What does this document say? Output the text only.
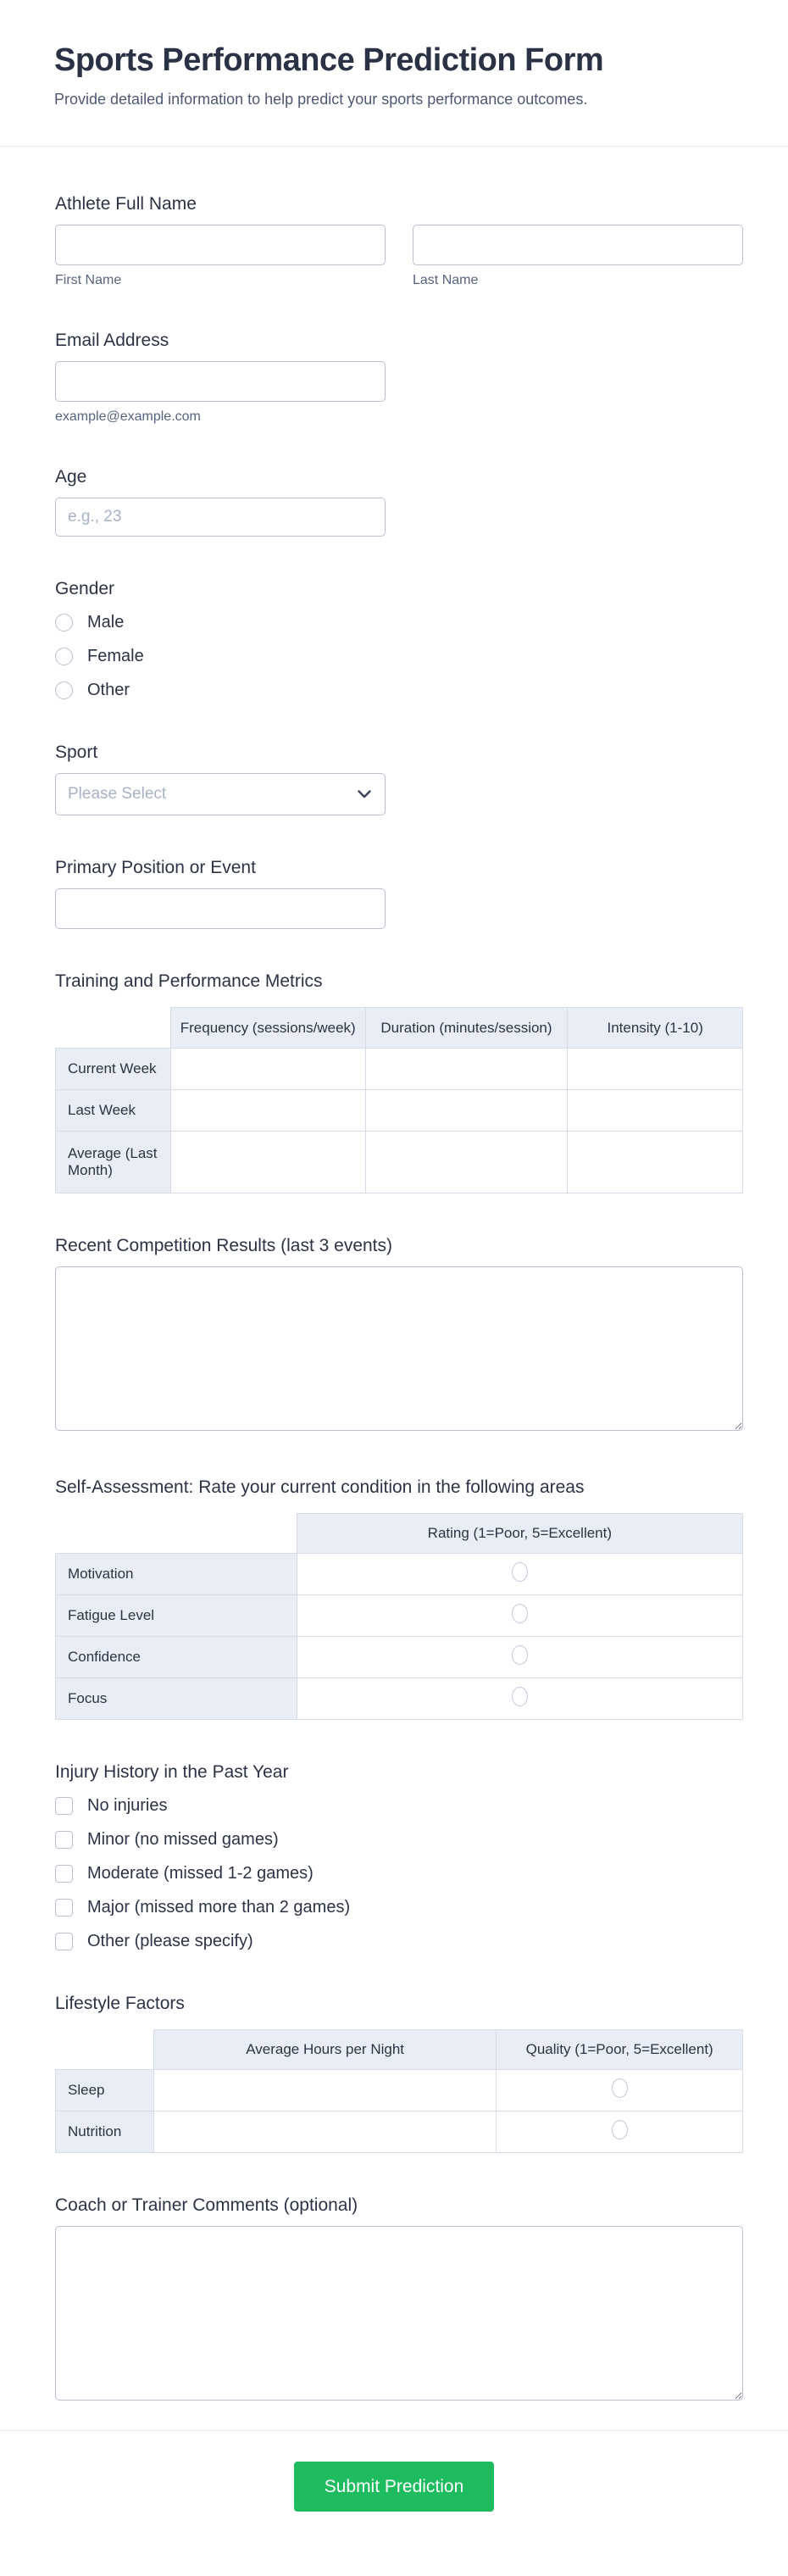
Sports Performance Prediction Form
Provide detailed information to help predict your sports performance outcomes.
Athlete Full Name
First Name	Last Name
Email Address
example@example.com
Age
e.g., 23
Gender
Male
Female
Other
Sport
Please Select
Primary Position or Event
Training and Performance Metrics
	Frequency (sessions/week)	Duration (minutes/session)	Intensity (1-10)
Current Week			
Last Week			
Average (Last Month)			
Recent Competition Results (last 3 events)
Self-Assessment: Rate your current condition in the following areas
	Rating (1=Poor, 5=Excellent)
Motivation	
Fatigue Level	
Confidence	
Focus	
Injury History in the Past Year
No injuries
Minor (no missed games)
Moderate (missed 1-2 games)
Major (missed more than 2 games)
Other (please specify)
Lifestyle Factors
	Average Hours per Night	Quality (1=Poor, 5=Excellent)
Sleep		
Nutrition		
Coach or Trainer Comments (optional)
Submit Prediction
